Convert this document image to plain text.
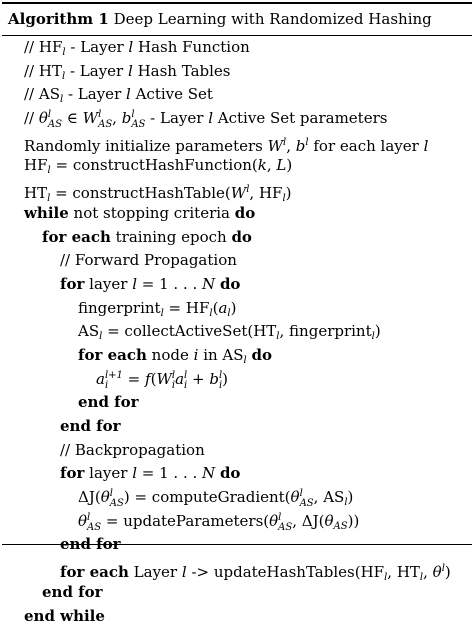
Algorithm 1 Deep Learning with Randomized Hashing
// $HF_l$ - Layer l Hash Function
// $HT_l$ - Layer l Hash Tables
// $AS_l$ - Layer l Active Set
// θ l
AS ∈ W l
AS , b l
AS - Layer l Active Set parameters
Randomly initialize parameters $W^l$, $b^l$ for each layer l
$HF_l$ = constructHashFunction(k, L)
$HT_l$ = $constructHashTable(W^l$, $HF_l$)
while not stopping criteria do
for each training epoch do
// Forward Propagation
for layer l = 1 . . . N do
fingerprint$_l$ = $HF_l(a_l)$
$AS_l$ = $collectActiveSet(HT_l$, fingerprint$_l$)
for each node i in $AS_l$ do
a l+1
i = f(W l
i a l
i + b l
i )
end for
end for
// Backpropagation
for layer l = 1 . . . N do
ΔJ(θ l
AS ) = computeGradient(θ l
AS , $AS_l$)
θ l
AS = updateParameters(θ l
AS , $\Delta J(\theta_{AS})$)
end for
for each Layer $l -> updateHashTables(HF_l$, $HT_l$, $\theta^l$)
end for
end while
